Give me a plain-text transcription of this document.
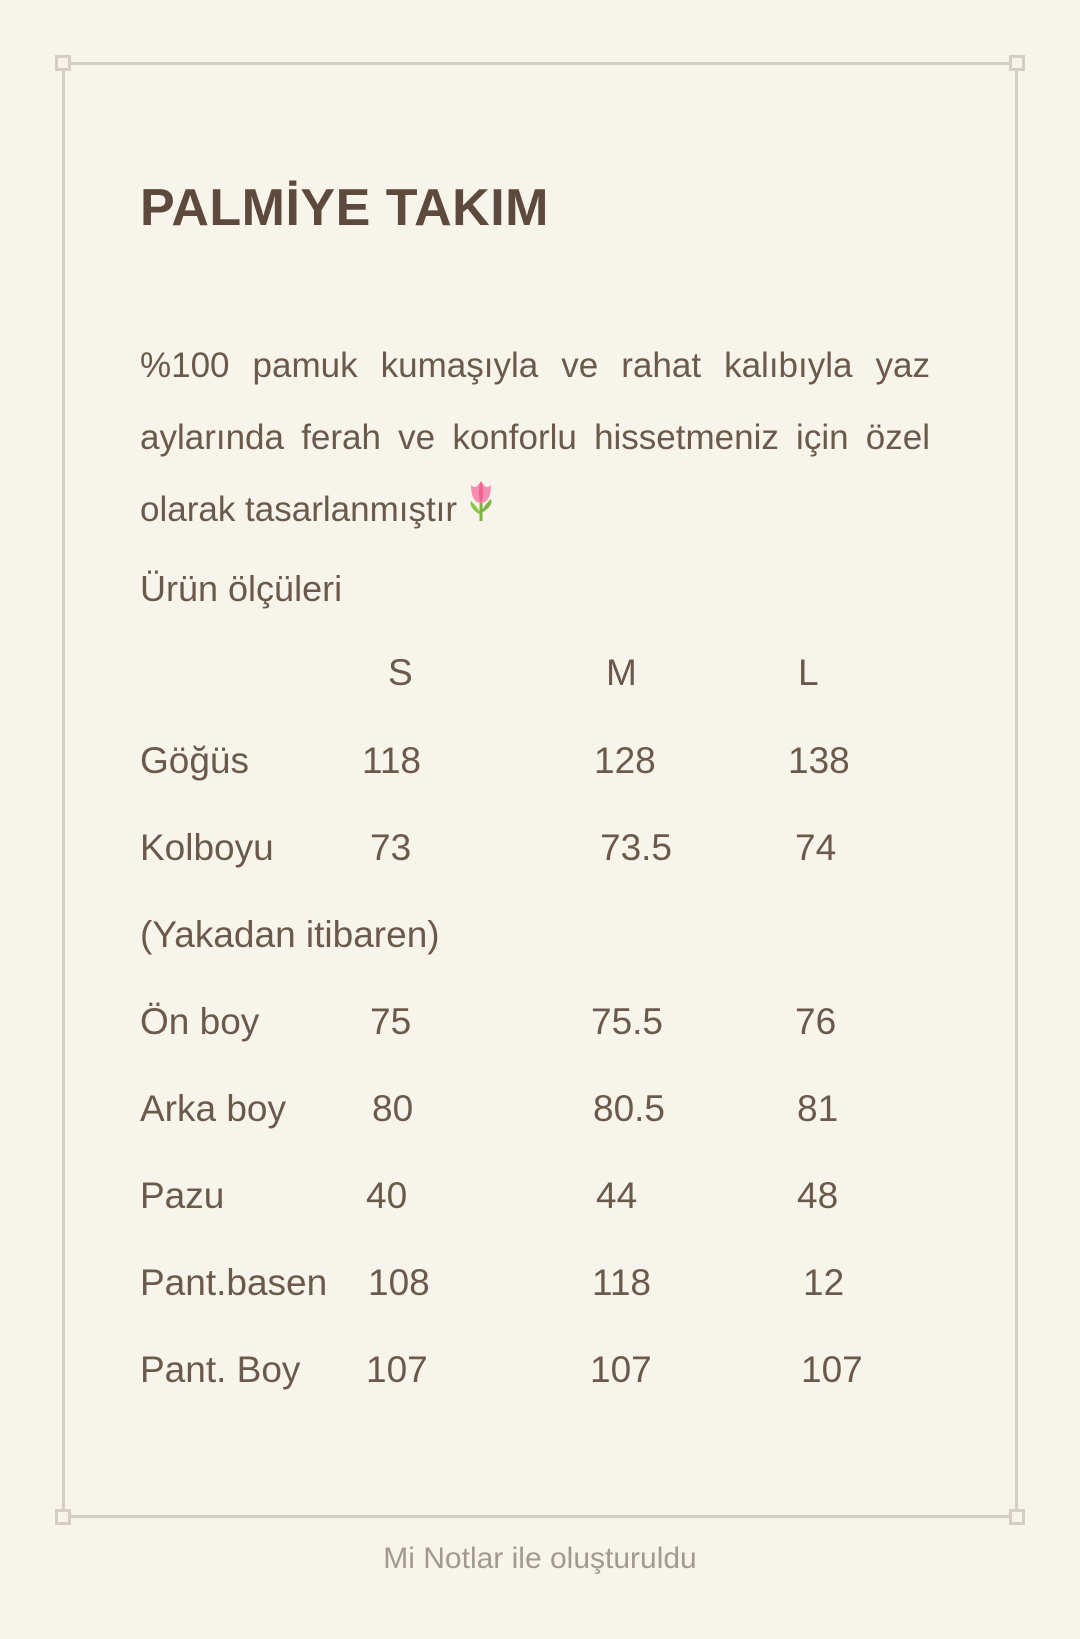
PALMİYE TAKIM
%100 pamuk kumaşıyla ve rahat kalıbıyla yaz aylarında ferah ve konforlu hissetmeniz için özel olarak tasarlanmıştır
Ürün ölçüleri
S	M	L
Göğüs	118	128	138
Kolboyu	73	73.5	74
(Yakadan itibaren)
Ön boy	75	75.5	76
Arka boy 80	80.5	81
Pazu	40	44	48
Pant.basen 108	118	12
Pant. Boy 107	107	107
Mi Notlar ile oluşturuldu
